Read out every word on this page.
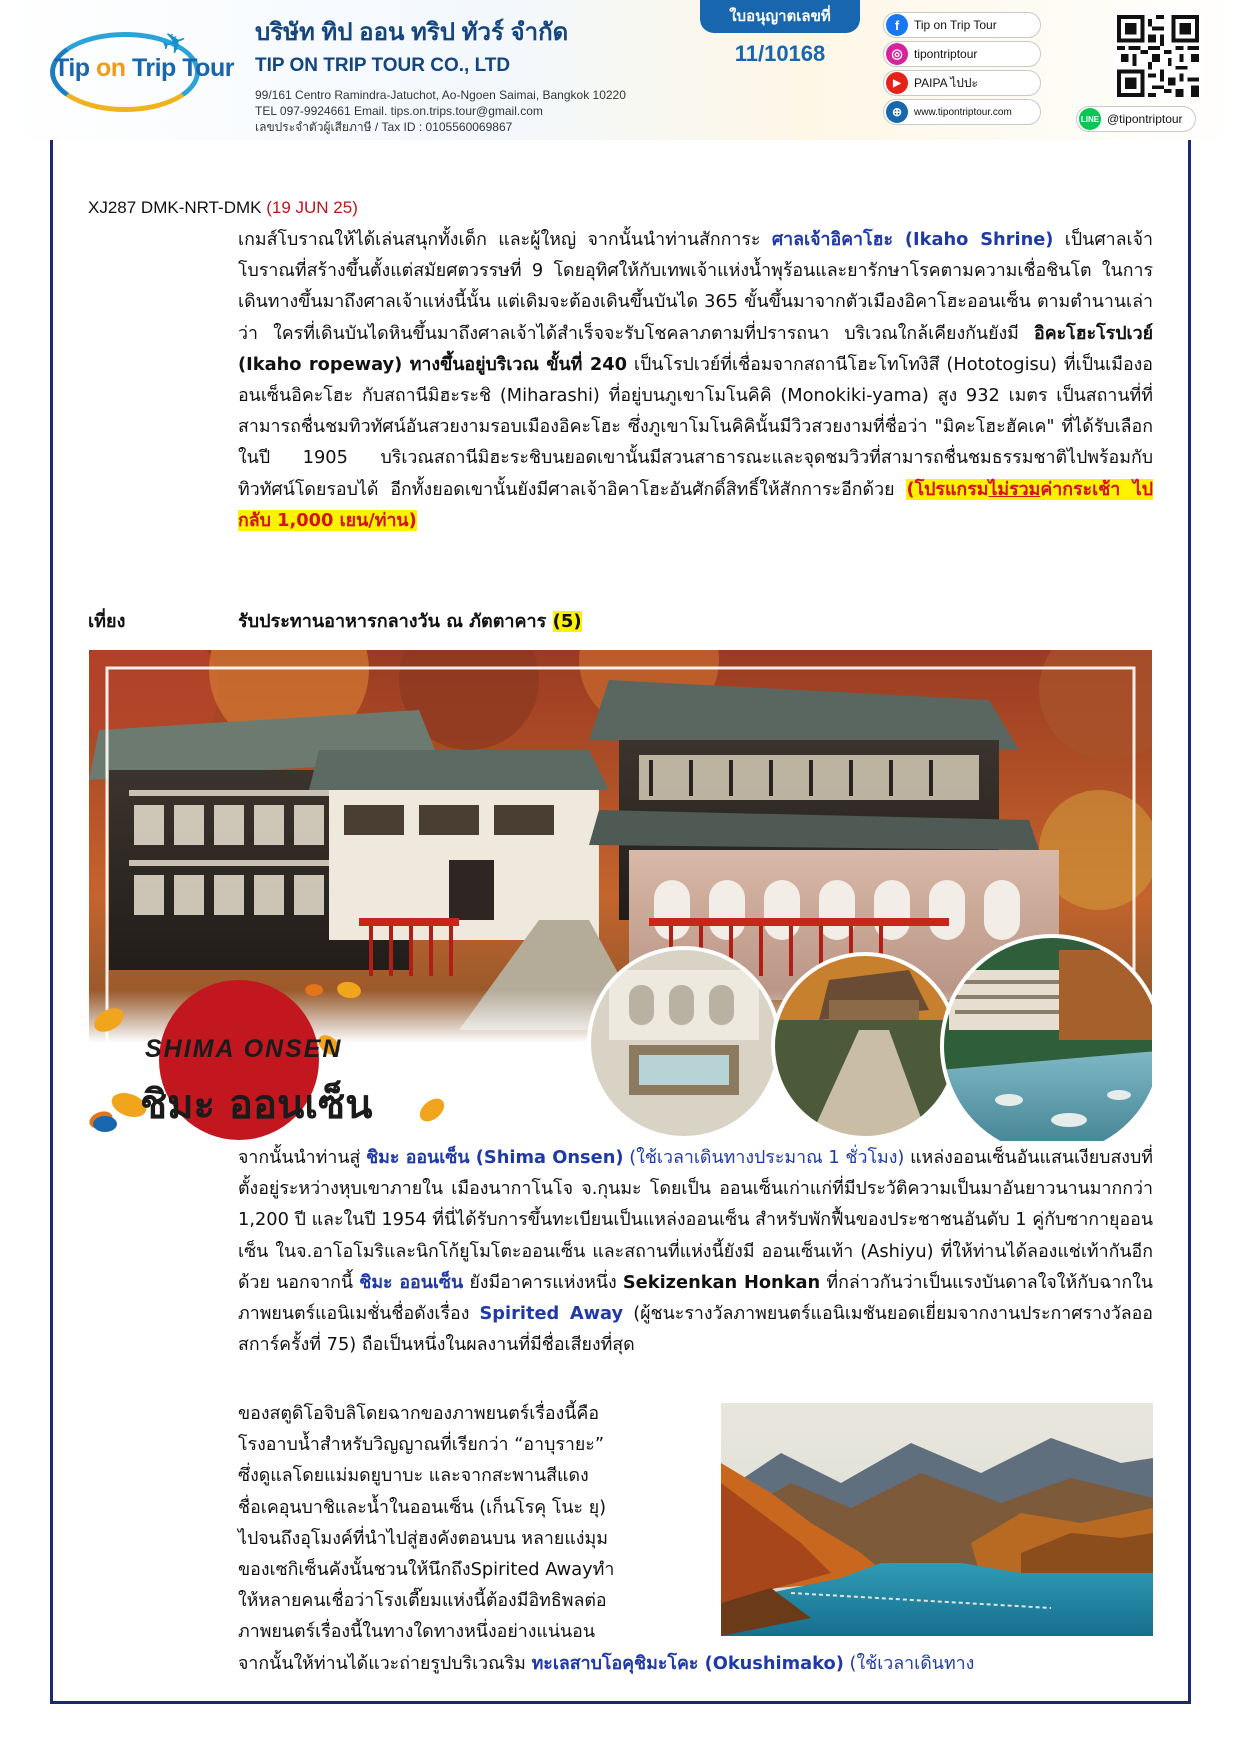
✈
Tip on Trip Tour
บริษัท ทิป ออน ทริป ทัวร์ จำกัด
TIP ON TRIP TOUR CO., LTD
99/161 Centro Ramindra-Jatuchot, Ao-Ngoen Saimai, Bangkok 10220
TEL 097-9924661 Email. tips.on.trips.tour@gmail.com
เลขประจำตัวผู้เสียภาษี / Tax ID : 0105560069867
ใบอนุญาตเลขที่
11/10168
f	Tip on Trip Tour
◎ tipontriptour
▶	PAIPA ไปปะ
⊕	www.tipontriptour.com
LINE @tipontriptour
XJ287 DMK-NRT-DMK (19 JUN 25)
เกมส์โบราณให้ได้เล่นสนุกทั้งเด็ก และผู้ใหญ่ จากนั้นนำท่านสักการะ ศาลเจ้าอิคาโฮะ (Ikaho Shrine) เป็นศาลเจ้าโบราณที่สร้างขึ้นตั้งแต่สมัยศตวรรษที่ 9 โดยอุทิศให้กับเทพเจ้าแห่งน้ำพุร้อนและยารักษาโรคตามความเชื่อชินโต ในการ เดินทางขึ้นมาถึงศาลเจ้าแห่งนี้นั้น แต่เดิมจะต้องเดินขึ้นบันได 365 ขั้นขึ้นมาจากตัวเมืองอิคาโฮะออนเซ็น ตามตำนานเล่าว่า ใครที่เดินบันไดหินขึ้นมาถึงศาลเจ้าได้สำเร็จจะรับโชคลาภตามที่ปรารถนา บริเวณใกล้เคียงกันยังมี อิคะโฮะโรปเวย์ (Ikaho ropeway) ทางขึ้นอยู่บริเวณ ขั้นที่ 240 เป็นโรปเวย์ที่เชื่อมจากสถานีโฮะโทโทงิสึ (Hototogisu) ที่เป็นเมืองออนเซ็นอิคะโฮะ กับสถานีมิฮะระชิ (Miharashi) ที่อยู่บนภูเขาโมโนคิคิ (Monokiki-yama) สูง 932 เมตร เป็นสถานที่ที่สามารถชื่นชมทิวทัศน์อันสวยงามรอบเมืองอิคะโฮะ ซึ่งภูเขาโมโนคิคินั้นมีวิวสวยงามที่ชื่อว่า "มิคะโฮะฮัคเค" ที่ได้รับเลือกในปี 1905 บริเวณสถานีมิฮะระชิบนยอดเขานั้นมีสวนสาธารณะและจุดชมวิวที่สามารถชื่นชมธรรมชาติไปพร้อมกับทิวทัศน์โดยรอบได้ อีกทั้งยอดเขานั้นยังมีศาลเจ้าอิคาโฮะอันศักดิ์สิทธิ์ให้สักการะอีกด้วย (โปรแกรมไม่รวมค่ากระเช้า ไปกลับ 1,000 เยน/ท่าน)
เที่ยง	รับประทานอาหารกลางวัน ณ ภัตตาคาร (5)
SHIMA ONSEN
ชิมะ ออนเซ็น
จากนั้นนำท่านสู่ ชิมะ ออนเซ็น (Shima Onsen) (ใช้เวลาเดินทางประมาณ 1 ชั่วโมง) แหล่งออนเซ็นอันแสนเงียบสงบที่ ตั้งอยู่ระหว่างหุบเขาภายใน เมืองนากาโนโจ จ.กุนมะ โดยเป็น ออนเซ็นเก่าแก่ที่มีประวัติความเป็นมาอันยาวนานมากกว่า 1,200 ปี และในปี 1954 ที่นี่ได้รับการขึ้นทะเบียนเป็นแหล่งออนเซ็น สำหรับพักฟื้นของประชาชนอันดับ 1 คู่กับซากายุออนเซ็น ในจ.อาโอโมริและนิกโก้ยูโมโตะออนเซ็น และสถานที่แห่งนี้ยังมี ออนเซ็นเท้า (Ashiyu) ที่ให้ท่านได้ลองแช่เท้ากันอีกด้วย นอกจากนี้ ชิมะ ออนเซ็น ยังมีอาคารแห่งหนึ่ง Sekizenkan Honkan ที่กล่าวกันว่าเป็นแรงบันดาลใจให้กับฉากในภาพยนตร์แอนิเมชั่นชื่อดังเรื่อง Spirited Away (ผู้ชนะรางวัลภาพยนตร์แอนิเมชันยอดเยี่ยมจากงานประกาศรางวัลออสการ์ครั้งที่ 75) ถือเป็นหนึ่งในผลงานที่มีชื่อเสียงที่สุด
ของสตูดิโอจิบลิโดยฉากของภาพยนตร์เรื่องนี้คือ
โรงอาบน้ำสำหรับวิญญาณที่เรียกว่า “อาบุรายะ”
ซึ่งดูแลโดยแม่มดยูบาบะ และจากสะพานสีแดง
ชื่อเคอุนบาชิและน้ำในออนเซ็น (เก็นโรคุ โนะ ยุ)
ไปจนถึงอุโมงค์ที่นำไปสู่ฮงคังตอนบน หลายแง่มุม
ของเซกิเซ็นคังนั้นชวนให้นึกถึงSpirited Awayทำ
ให้หลายคนเชื่อว่าโรงเตี๊ยมแห่งนี้ต้องมีอิทธิพลต่อ
ภาพยนตร์เรื่องนี้ในทางใดทางหนึ่งอย่างแน่นอน
จากนั้นให้ท่านได้แวะถ่ายรูปบริเวณริม ทะเลสาบโอคุชิมะโคะ (Okushimako) (ใช้เวลาเดินทาง
